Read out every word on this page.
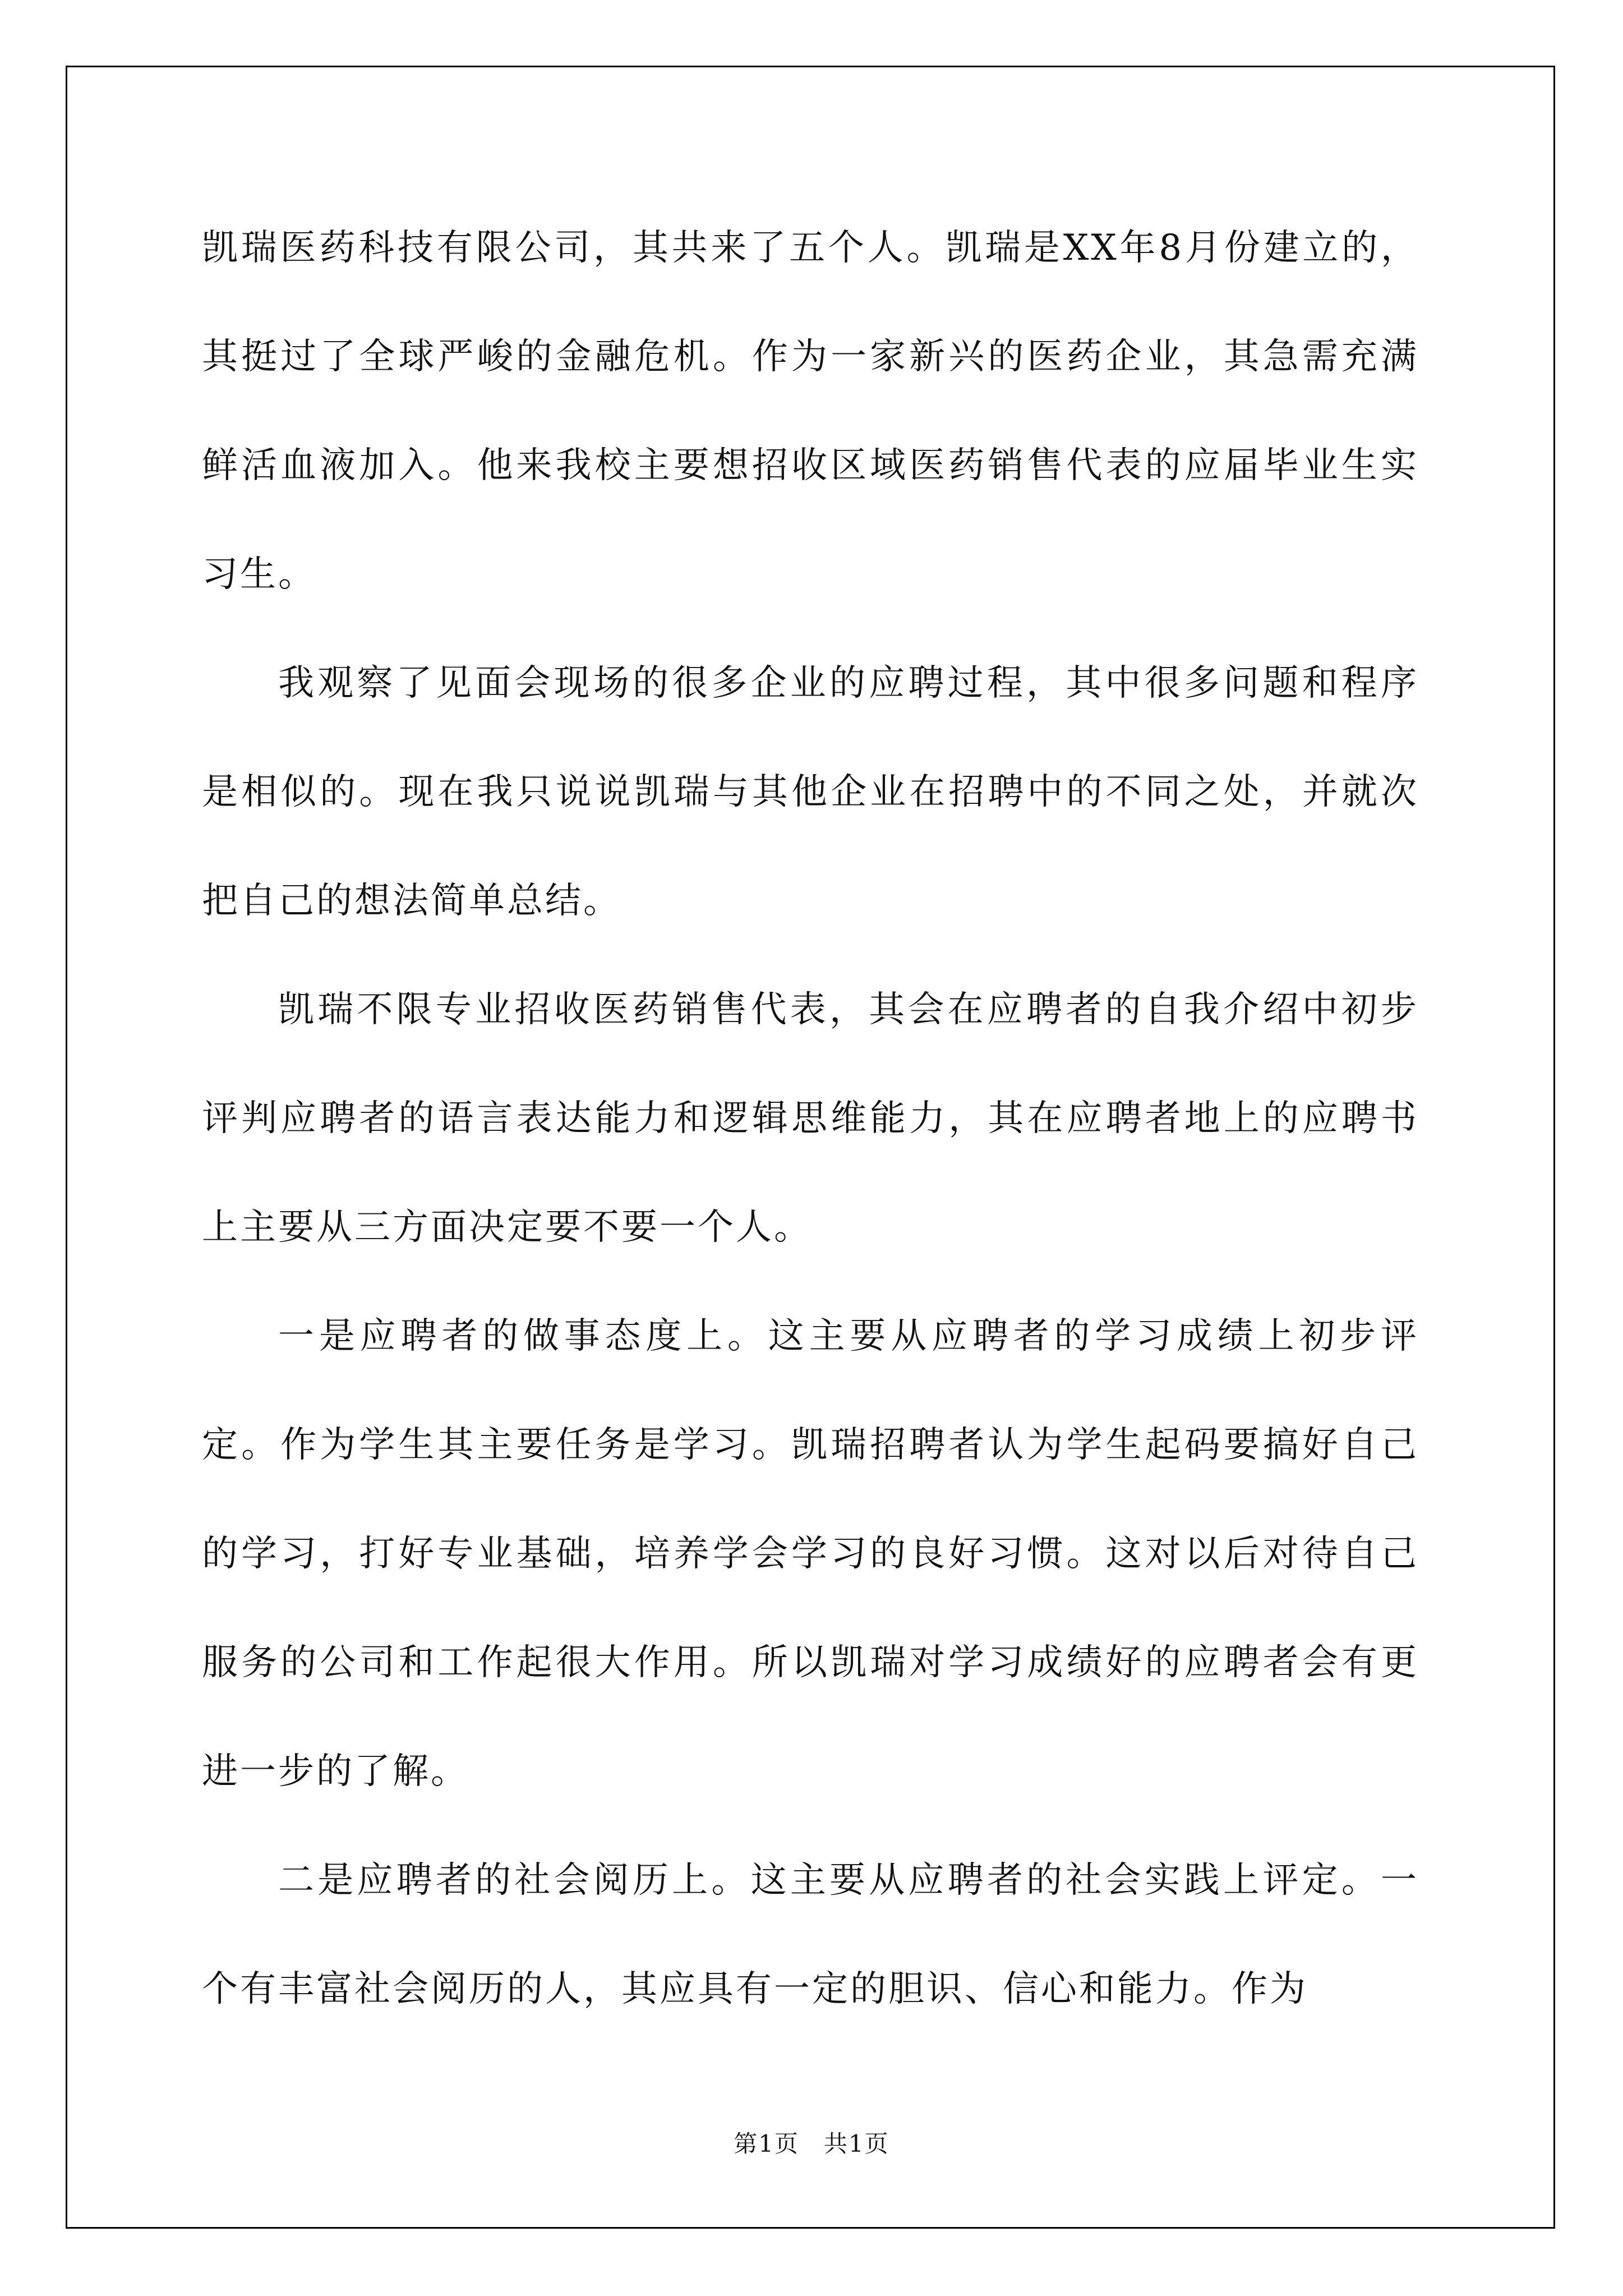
凯瑞医药科技有限公司，其共来了五个人。凯瑞是XX年8月份建立的，其挺过了全球严峻的金融危机。作为一家新兴的医药企业，其急需充满鲜活血液加入。他来我校主要想招收区域医药销售代表的应届毕业生实习生。

我观察了见面会现场的很多企业的应聘过程，其中很多问题和程序是相似的。现在我只说说凯瑞与其他企业在招聘中的不同之处，并就次把自己的想法简单总结。

凯瑞不限专业招收医药销售代表，其会在应聘者的自我介绍中初步评判应聘者的语言表达能力和逻辑思维能力，其在应聘者地上的应聘书上主要从三方面决定要不要一个人。

一是应聘者的做事态度上。这主要从应聘者的学习成绩上初步评定。作为学生其主要任务是学习。凯瑞招聘者认为学生起码要搞好自己的学习，打好专业基础，培养学会学习的良好习惯。这对以后对待自己服务的公司和工作起很大作用。所以凯瑞对学习成绩好的应聘者会有更进一步的了解。

二是应聘者的社会阅历上。这主要从应聘者的社会实践上评定。一个有丰富社会阅历的人，其应具有一定的胆识、信心和能力。作为

第1页　共1页
